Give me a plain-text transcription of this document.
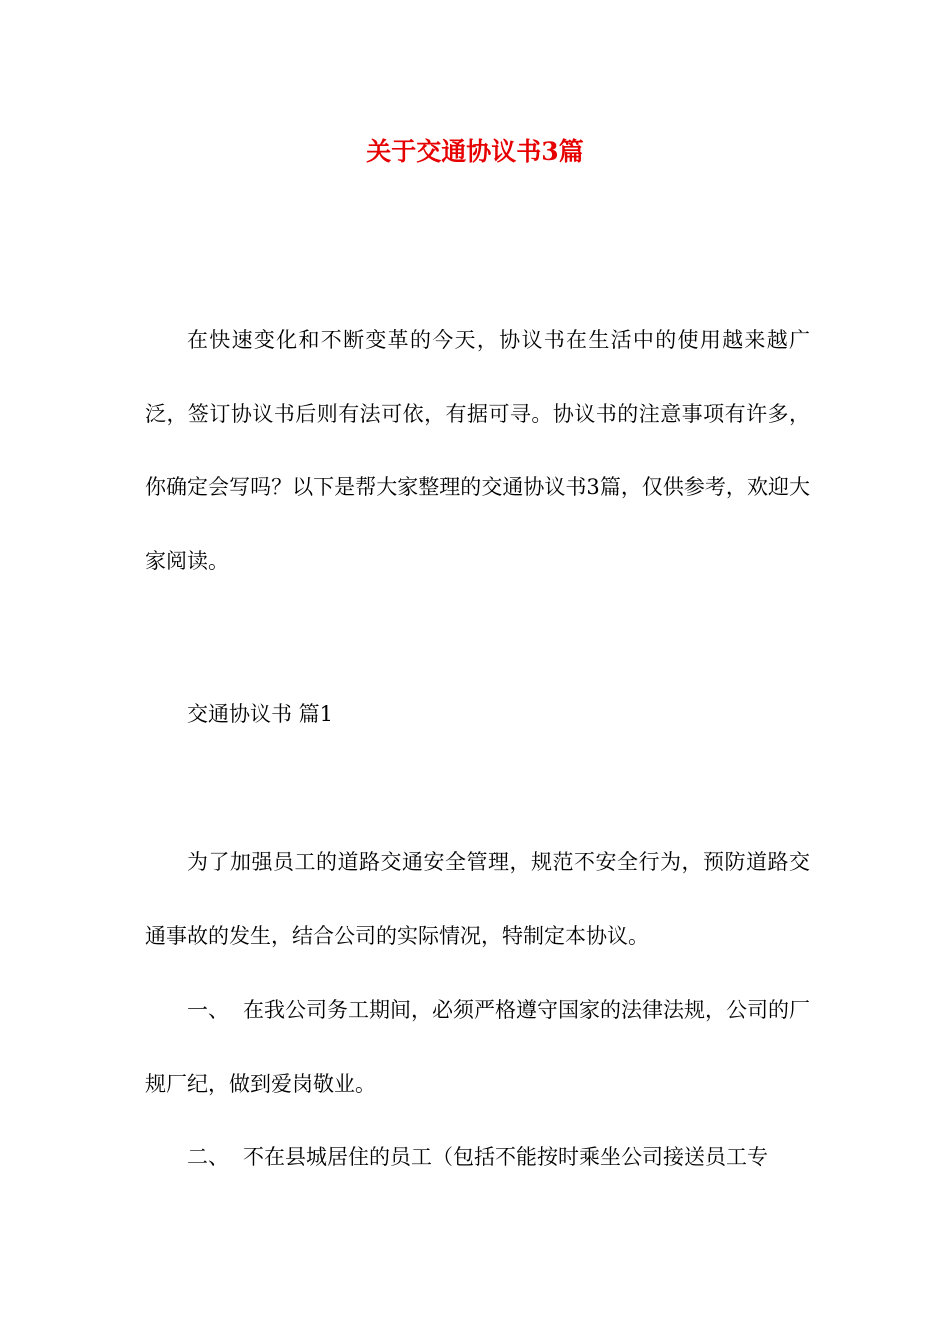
关于交通协议书3篇

在快速变化和不断变革的今天，协议书在生活中的使用越来越广泛，签订协议书后则有法可依，有据可寻。协议书的注意事项有许多，你确定会写吗？以下是帮大家整理的交通协议书3篇，仅供参考，欢迎大家阅读。

交通协议书 篇1

为了加强员工的道路交通安全管理，规范不安全行为，预防道路交通事故的发生，结合公司的实际情况，特制定本协议。

一、 在我公司务工期间，必须严格遵守国家的法律法规，公司的厂规厂纪，做到爱岗敬业。

二、 不在县城居住的员工（包括不能按时乘坐公司接送员工专
